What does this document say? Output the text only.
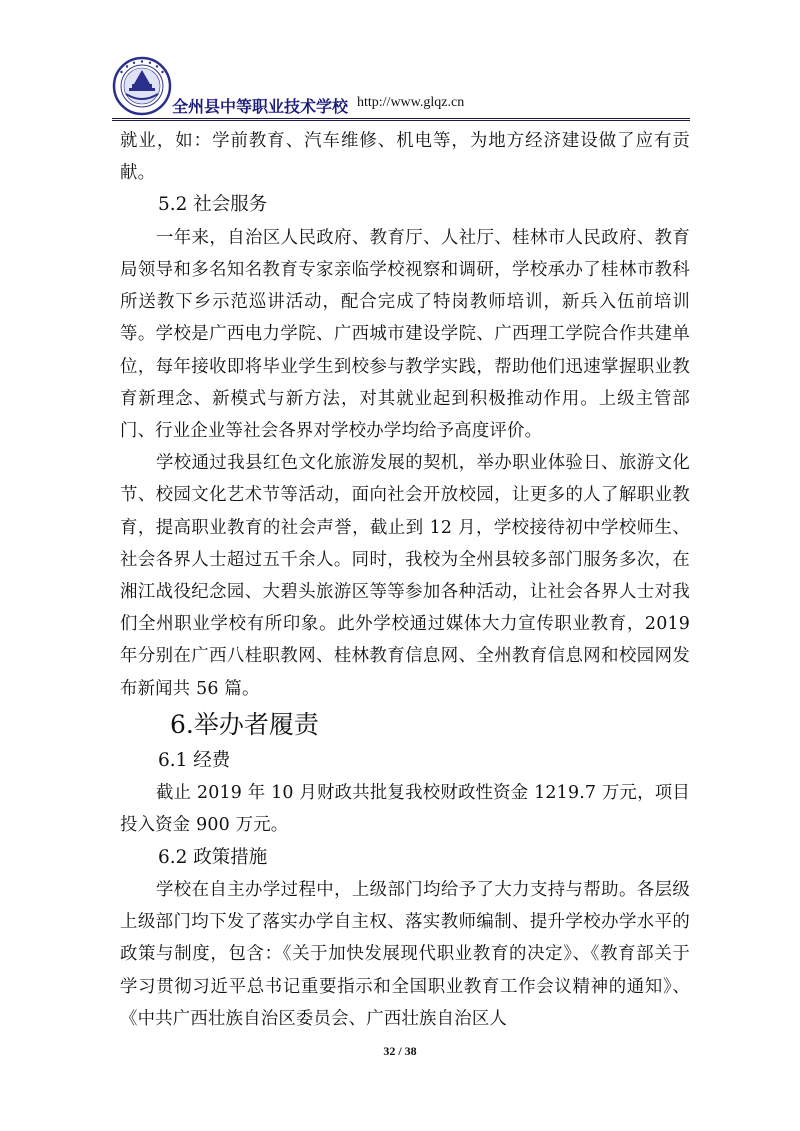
全州县中等职业技术学校 http://www.glqz.cn

就业，如：学前教育、汽车维修、机电等，为地方经济建设做了应有贡献。

5.2 社会服务

一年来，自治区人民政府、教育厅、人社厅、桂林市人民政府、教育局领导和多名知名教育专家亲临学校视察和调研，学校承办了桂林市教科所送教下乡示范巡讲活动，配合完成了特岗教师培训，新兵入伍前培训等。学校是广西电力学院、广西城市建设学院、广西理工学院合作共建单位，每年接收即将毕业学生到校参与教学实践，帮助他们迅速掌握职业教育新理念、新模式与新方法，对其就业起到积极推动作用。上级主管部门、行业企业等社会各界对学校办学均给予高度评价。

学校通过我县红色文化旅游发展的契机，举办职业体验日、旅游文化节、校园文化艺术节等活动，面向社会开放校园，让更多的人了解职业教育，提高职业教育的社会声誉，截止到 12 月，学校接待初中学校师生、社会各界人士超过五千余人。同时，我校为全州县较多部门服务多次，在湘江战役纪念园、大碧头旅游区等等参加各种活动，让社会各界人士对我们全州职业学校有所印象。此外学校通过媒体大力宣传职业教育，2019 年分别在广西八桂职教网、桂林教育信息网、全州教育信息网和校园网发布新闻共 56 篇。

6.举办者履责
6.1 经费

截止 2019 年 10 月财政共批复我校财政性资金 1219.7 万元，项目投入资金 900 万元。

6.2 政策措施

学校在自主办学过程中，上级部门均给予了大力支持与帮助。各层级上级部门均下发了落实办学自主权、落实教师编制、提升学校办学水平的政策与制度，包含：《关于加快发展现代职业教育的决定》、《教育部关于学习贯彻习近平总书记重要指示和全国职业教育工作会议精神的通知》、《中共广西壮族自治区委员会、广西壮族自治区人

32 / 38
